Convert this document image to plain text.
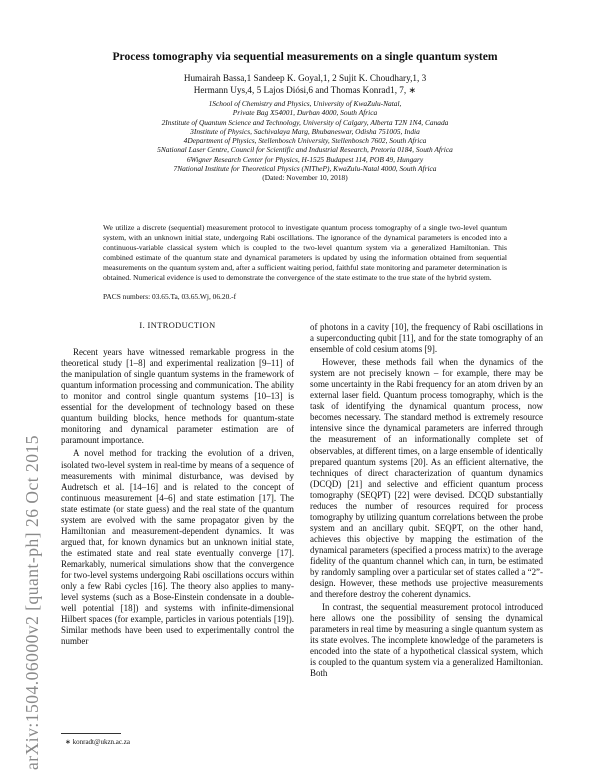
arXiv:1504.06000v2 [quant-ph] 26 Oct 2015
Process tomography via sequential measurements on a single quantum system
Humairah Bassa,1 Sandeep K. Goyal,1, 2 Sujit K. Choudhary,1, 3
Hermann Uys,4, 5 Lajos Diósi,6 and Thomas Konrad1, 7, ∗
1School of Chemistry and Physics, University of KwaZulu-Natal,
Private Bag X54001, Durban 4000, South Africa
2Institute of Quantum Science and Technology, University of Calgary, Alberta T2N 1N4, Canada
3Institute of Physics, Sachivalaya Marg, Bhubaneswar, Odisha 751005, India
4Department of Physics, Stellenbosch University, Stellenbosch 7602, South Africa
5National Laser Centre, Council for Scientific and Industrial Research, Pretoria 0184, South Africa
6Wigner Research Center for Physics, H-1525 Budapest 114, POB 49, Hungary
7National Institute for Theoretical Physics (NITheP), KwaZulu-Natal 4000, South Africa
(Dated: November 10, 2018)
We utilize a discrete (sequential) measurement protocol to investigate quantum process tomography of a single two-level quantum system, with an unknown initial state, undergoing Rabi oscillations. The ignorance of the dynamical parameters is encoded into a continuous-variable classical system which is coupled to the two-level quantum system via a generalized Hamiltonian. This combined estimate of the quantum state and dynamical parameters is updated by using the information obtained from sequential measurements on the quantum system and, after a sufficient waiting period, faithful state monitoring and parameter determination is obtained. Numerical evidence is used to demonstrate the convergence of the state estimate to the true state of the hybrid system.
PACS numbers: 03.65.Ta, 03.65.Wj, 06.20.-f
I. INTRODUCTION

Recent years have witnessed remarkable progress in the theoretical study [1–8] and experimental realization [9–11] of the manipulation of single quantum systems in the framework of quantum information processing and communication. The ability to monitor and control single quantum systems [10–13] is essential for the development of technology based on these quantum building blocks, hence methods for quantum-state monitoring and dynamical parameter estimation are of paramount importance.

A novel method for tracking the evolution of a driven, isolated two-level system in real-time by means of a sequence of measurements with minimal disturbance, was devised by Audretsch et al. [14–16] and is related to the concept of continuous measurement [4–6] and state estimation [17]. The state estimate (or state guess) and the real state of the quantum system are evolved with the same propagator given by the Hamiltonian and measurement-dependent dynamics. It was argued that, for known dynamics but an unknown initial state, the estimated state and real state eventually converge [17]. Remarkably, numerical simulations show that the convergence for two-level systems undergoing Rabi oscillations occurs within only a few Rabi cycles [16]. The theory also applies to many-level systems (such as a Bose-Einstein condensate in a double-well potential [18]) and systems with infinite-dimensional Hilbert spaces (for example, particles in various potentials [19]). Similar methods have been used to experimentally control the number

of photons in a cavity [10], the frequency of Rabi oscillations in a superconducting qubit [11], and for the state tomography of an ensemble of cold cesium atoms [9].

However, these methods fail when the dynamics of the system are not precisely known – for example, there may be some uncertainty in the Rabi frequency for an atom driven by an external laser field. Quantum process tomography, which is the task of identifying the dynamical quantum process, now becomes necessary. The standard method is extremely resource intensive since the dynamical parameters are inferred through the measurement of an informationally complete set of observables, at different times, on a large ensemble of identically prepared quantum systems [20]. As an efficient alternative, the techniques of direct characterization of quantum dynamics (DCQD) [21] and selective and efficient quantum process tomography (SEQPT) [22] were devised. DCQD substantially reduces the number of resources required for process tomography by utilizing quantum correlations between the probe system and an ancillary qubit. SEQPT, on the other hand, achieves this objective by mapping the estimation of the dynamical parameters (specified a process matrix) to the average fidelity of the quantum channel which can, in turn, be estimated by randomly sampling over a particular set of states called a “2”-design. However, these methods use projective measurements and therefore destroy the coherent dynamics.

In contrast, the sequential measurement protocol introduced here allows one the possibility of sensing the dynamical parameters in real time by measuring a single quantum system as its state evolves. The incomplete knowledge of the parameters is encoded into the state of a hypothetical classical system, which is coupled to the quantum system via a generalized Hamiltonian. Both

∗ konradt@ukzn.ac.za
